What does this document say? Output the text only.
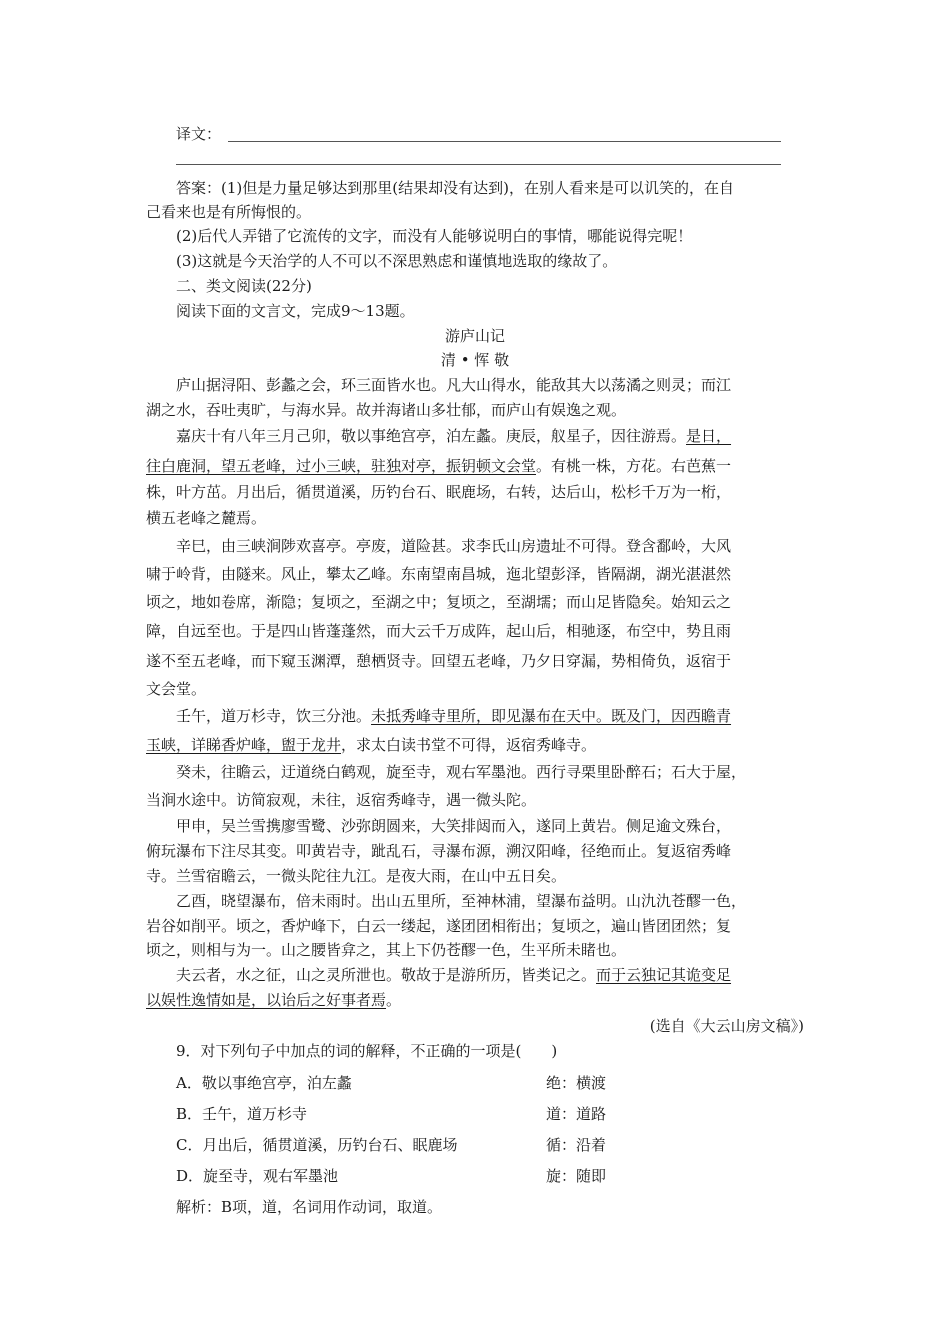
译文：
答案：(1)但是力量足够达到那里(结果却没有达到)，在别人看来是可以讥笑的，在自
己看来也是有所悔恨的。
(2)后代人弄错了它流传的文字，而没有人能够说明白的事情，哪能说得完呢！
(3)这就是今天治学的人不可以不深思熟虑和谨慎地选取的缘故了。
二、类文阅读(22分)
阅读下面的文言文，完成9～13题。
游庐山记
清 • 恽 敬
庐山据浔阳、彭蠡之会，环三面皆水也。凡大山得水，能敌其大以荡潏之则灵；而江
湖之水，吞吐夷旷，与海水异。故并海诸山多壮郁，而庐山有娱逸之观。
嘉庆十有八年三月己卯，敬以事绝宫亭，泊左蠡。庚辰，舣星子，因往游焉。是日，
往白鹿洞，望五老峰，过小三峡，驻独对亭，振钥顿文会堂。有桃一株，方花。右芭蕉一
株，叶方茁。月出后，循贯道溪，历钓台石、眠鹿场，右转，达后山，松杉千万为一桁，
横五老峰之麓焉。
辛巳，由三峡涧陟欢喜亭。亭废，道险甚。求李氏山房遗址不可得。登含鄱岭，大风
啸于岭背，由隧来。风止，攀太乙峰。东南望南昌城，迤北望彭泽，皆隔湖，湖光湛湛然
顷之，地如卷席，渐隐；复顷之，至湖之中；复顷之，至湖壖；而山足皆隐矣。始知云之
障，自远至也。于是四山皆蓬蓬然，而大云千万成阵，起山后，相驰逐，布空中，势且雨
遂不至五老峰，而下窥玉渊潭，憩栖贤寺。回望五老峰，乃夕日穿漏，势相倚负，返宿于
文会堂。
壬午，道万杉寺，饮三分池。未抵秀峰寺里所，即见瀑布在天中。既及门，因西瞻青
玉峡，详睇香炉峰，盥于龙井，求太白读书堂不可得，返宿秀峰寺。
癸未，往瞻云，迂道绕白鹤观，旋至寺，观右军墨池。西行寻栗里卧醉石；石大于屋，
当涧水途中。访简寂观，未往，返宿秀峰寺，遇一微头陀。
甲申，吴兰雪携廖雪鹭、沙弥朗圆来，大笑排闼而入，遂同上黄岩。侧足逾文殊台，
俯玩瀑布下注尽其变。叩黄岩寺，跐乱石，寻瀑布源，溯汉阳峰，径绝而止。复返宿秀峰
寺。兰雪宿瞻云，一微头陀往九江。是夜大雨，在山中五日矣。
乙酉，晓望瀑布，倍未雨时。出山五里所，至神林浦，望瀑布益明。山氿氿苍醪一色，
岩谷如削平。顷之，香炉峰下，白云一缕起，遂团团相衔出；复顷之，遍山皆团团然；复
顷之，则相与为一。山之腰皆弇之，其上下仍苍醪一色，生平所未睹也。
夫云者，水之征，山之灵所泄也。敬故于是游所历，皆类记之。而于云独记其诡变足
以娱性逸情如是，以诒后之好事者焉。
(选自《大云山房文稿》)
9．对下列句子中加点的词的解释，不正确的一项是(　　)
A．敬以事绝宫亭，泊左蠡	绝：横渡
B．壬午，道万杉寺	道：道路
C．月出后，循贯道溪，历钓台石、眠鹿场	循：沿着
D．旋至寺，观右军墨池	旋：随即
解析：B项，道，名词用作动词，取道。
